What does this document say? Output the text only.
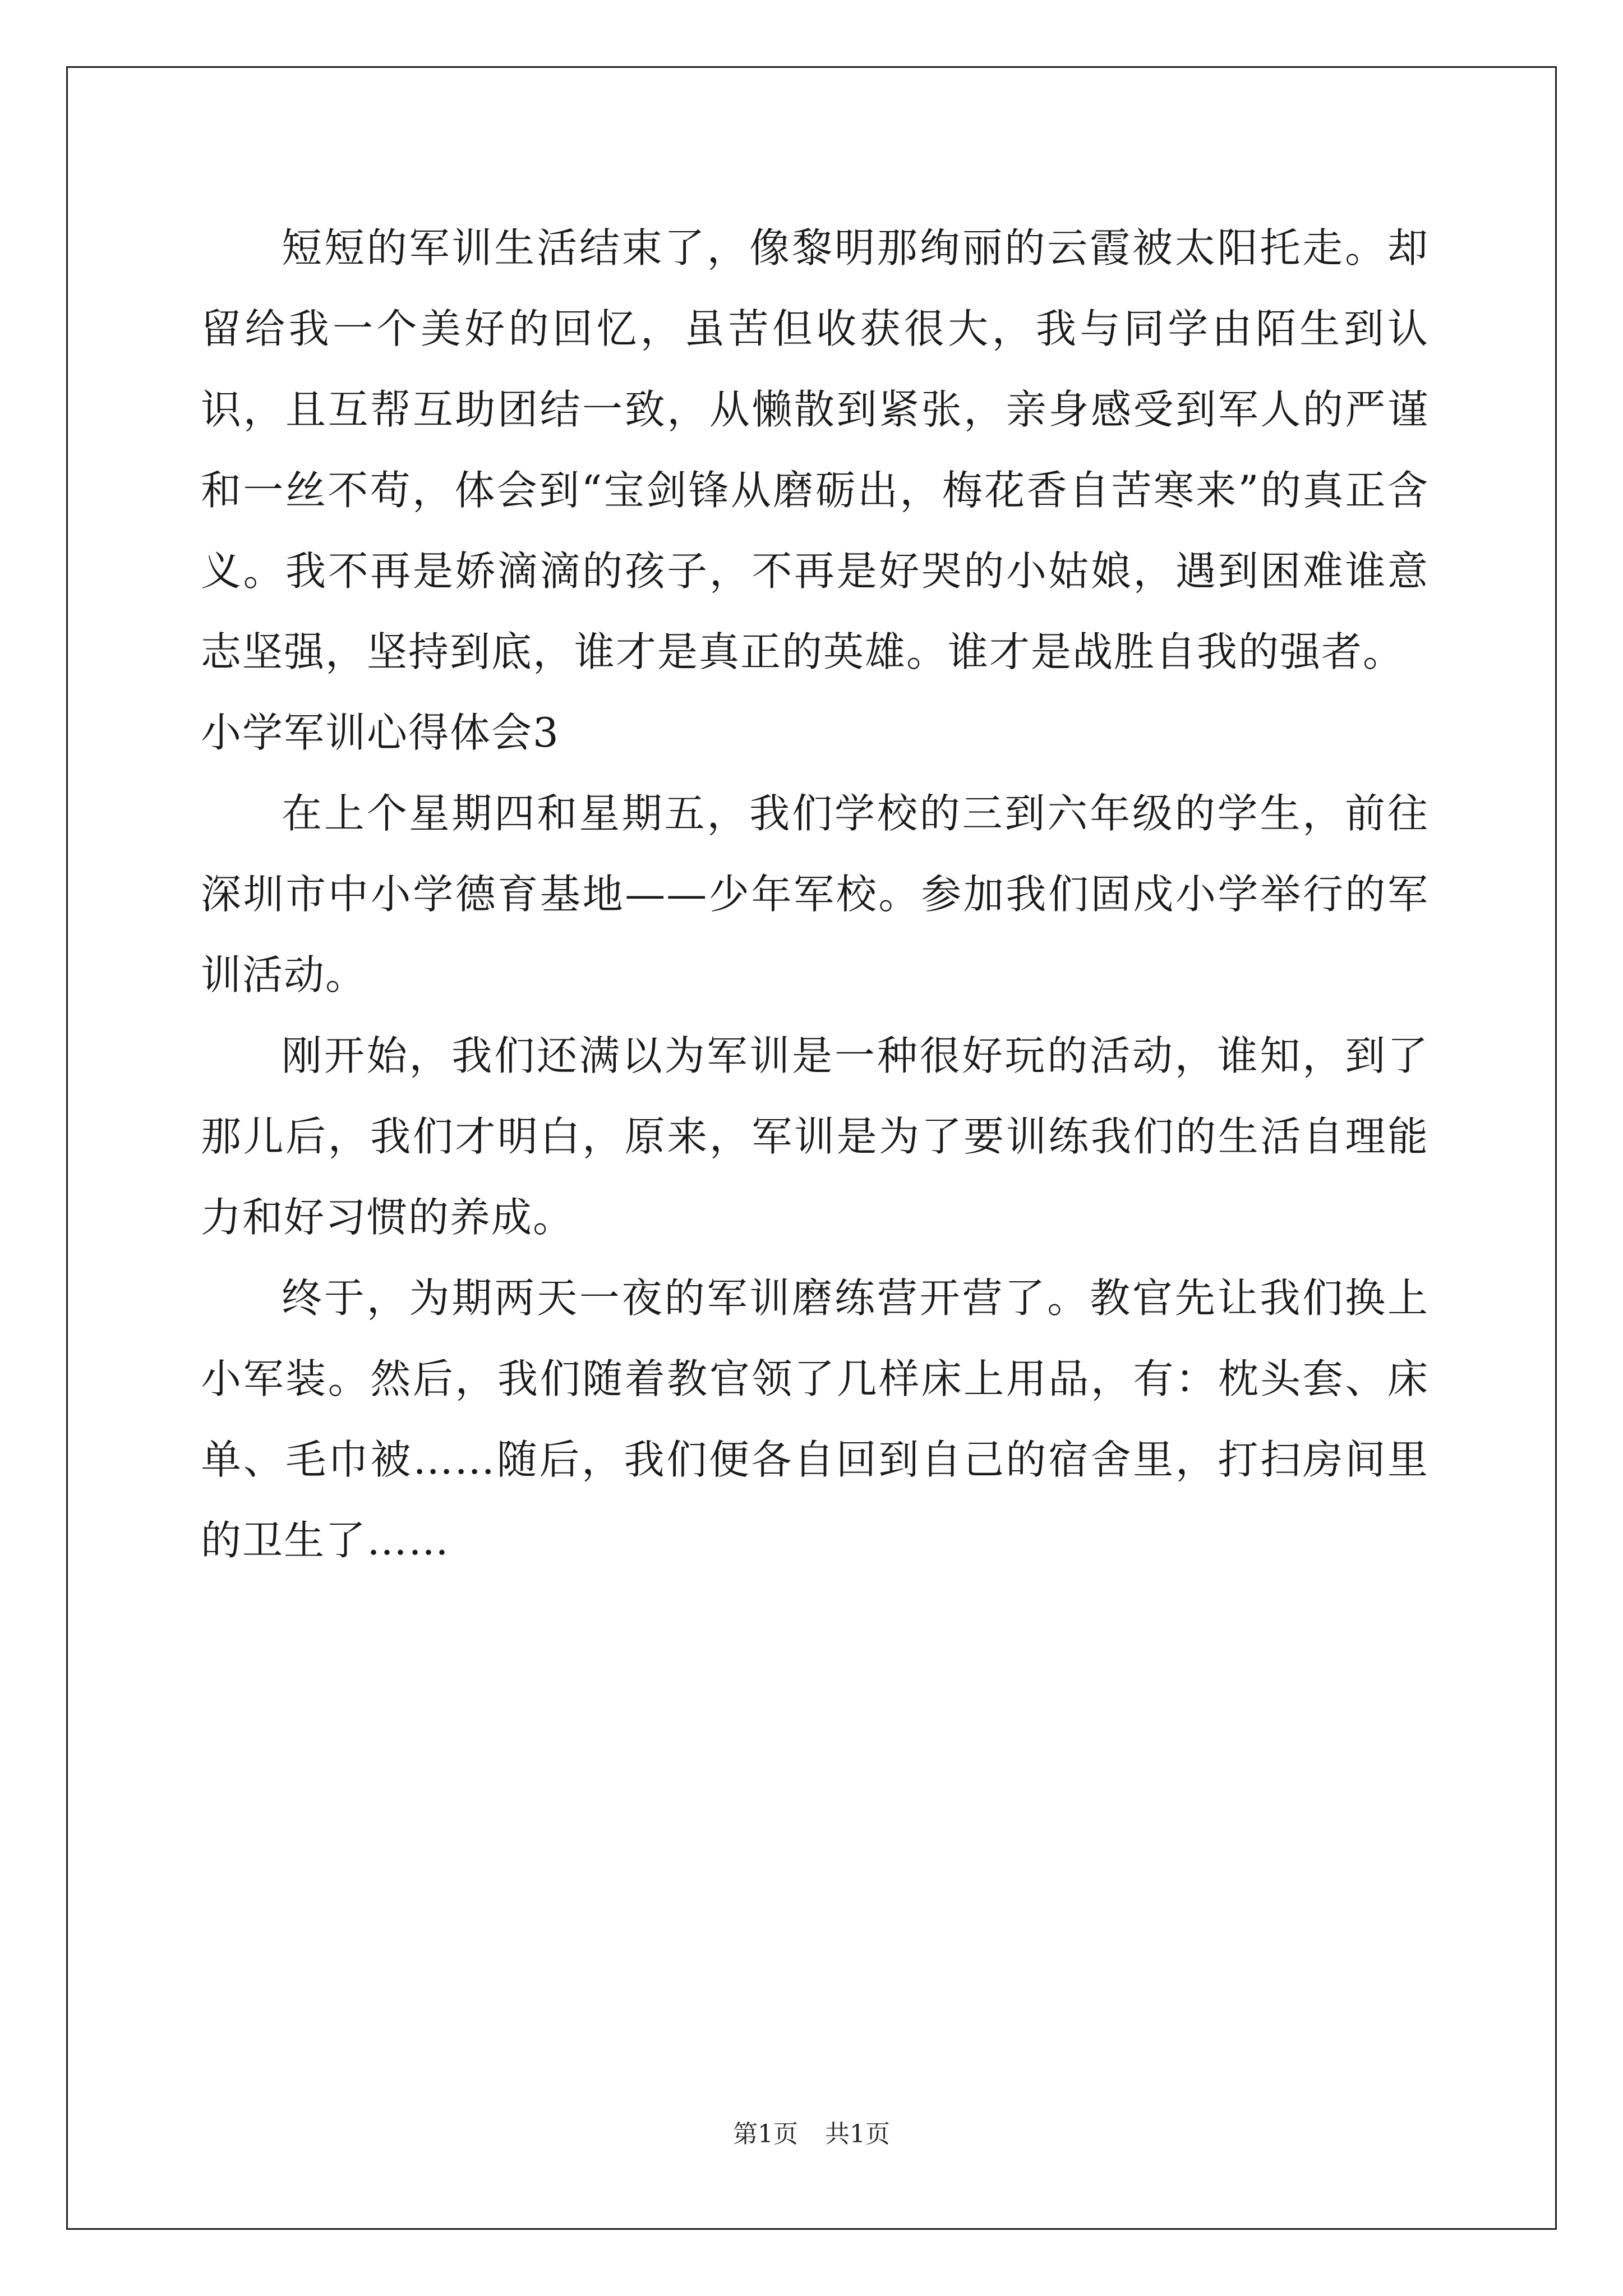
短短的军训生活结束了，像黎明那绚丽的云霞被太阳托走。却留给我一个美好的回忆，虽苦但收获很大，我与同学由陌生到认识，且互帮互助团结一致，从懒散到紧张，亲身感受到军人的严谨和一丝不苟，体会到“宝剑锋从磨砺出，梅花香自苦寒来”的真正含义。我不再是娇滴滴的孩子，不再是好哭的小姑娘，遇到困难谁意志坚强，坚持到底，谁才是真正的英雄。谁才是战胜自我的强者。

小学军训心得体会3

在上个星期四和星期五，我们学校的三到六年级的学生，前往深圳市中小学德育基地——少年军校。参加我们固戍小学举行的军训活动。

刚开始，我们还满以为军训是一种很好玩的活动，谁知，到了那儿后，我们才明白，原来，军训是为了要训练我们的生活自理能力和好习惯的养成。

终于，为期两天一夜的军训磨练营开营了。教官先让我们换上小军装。然后，我们随着教官领了几样床上用品，有：枕头套、床单、毛巾被……随后，我们便各自回到自己的宿舍里，打扫房间里的卫生了……

第1页 共1页
